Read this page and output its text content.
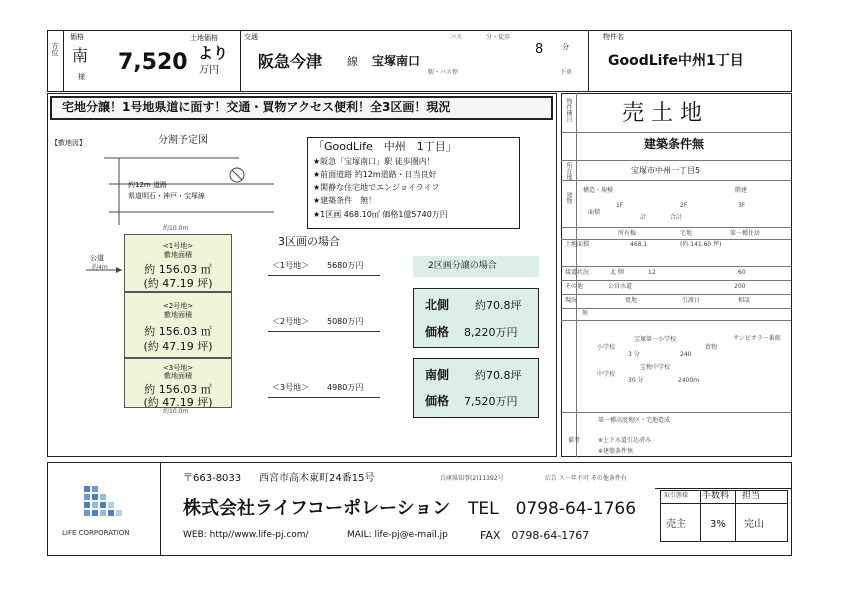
方位
価格
南
様
7,520
土地価格
より
万円
交通
阪急今津 線 宝塚南口
バス	分・徒歩
8	分
駅・バス停	下車
物件名
GoodLife中州1丁目
宅地分譲！1号地県道に面す！交通・買物アクセス便利！全3区画！現況
【敷地図】	分割予定図
約12m 道路
県道明石・神戸・宝塚線
公道
約4m
約10.0m
約10.0m
<1号地>
敷地面積
約 156.03 ㎡
(約 47.19 坪)
<2号地>
敷地面積
約 156.03 ㎡
(約 47.19 坪)
<3号地>
敷地面積
約 156.03 ㎡
(約 47.19 坪)
「GoodLife　中州　1丁目」
★阪急「宝塚南口」駅 徒歩圏内！
★前面道路 約12m道路・日当良好
★閑静な住宅地でエンジョイライフ
★建築条件　無！
★1区画 468.10㎡ 価格1億5740万円
3区画の場合
＜1号地＞ 5680万円
＜2号地＞ 5080万円
＜3号地＞ 4980万円
2区画分譲の場合
北側 約70.8坪
価格 8,220万円
南側 約70.8坪
価格 7,520万円
物件種目 売 土 地
建築条件無
所在地	宝塚市中州一丁目5
建物
構造・規模	階建
面積
1F	2F	3F
計	合計
所有権	宅地	第一種住居
土地面積	468.1	(約 141.60 坪)
接道状況	北 側	12	60
その他	公営水道	200
現況	更地	引渡日	相談
無
小学校
宝塚第一小学校
3 分	240
買物
サンビオラ一番館
中学校
宝梅中学校
30 分	2400m
備考
第一種高度地区・宅地造成
※上下水道引込済み
※建築条件無
LIFE CORPORATION
〒663-8033 西宮市高木東町24番15号	兵庫県知事(2)11392号	広告 ス一年不可 その他条件有
株式会社ライフコーポレーション TEL　0798-64-1766
WEB: http//www.life-pj.com/	MAIL: life-pj@e-mail.jp	FAX　0798-64-1767
取引態様 手数料 担当
売主 3% 完山
